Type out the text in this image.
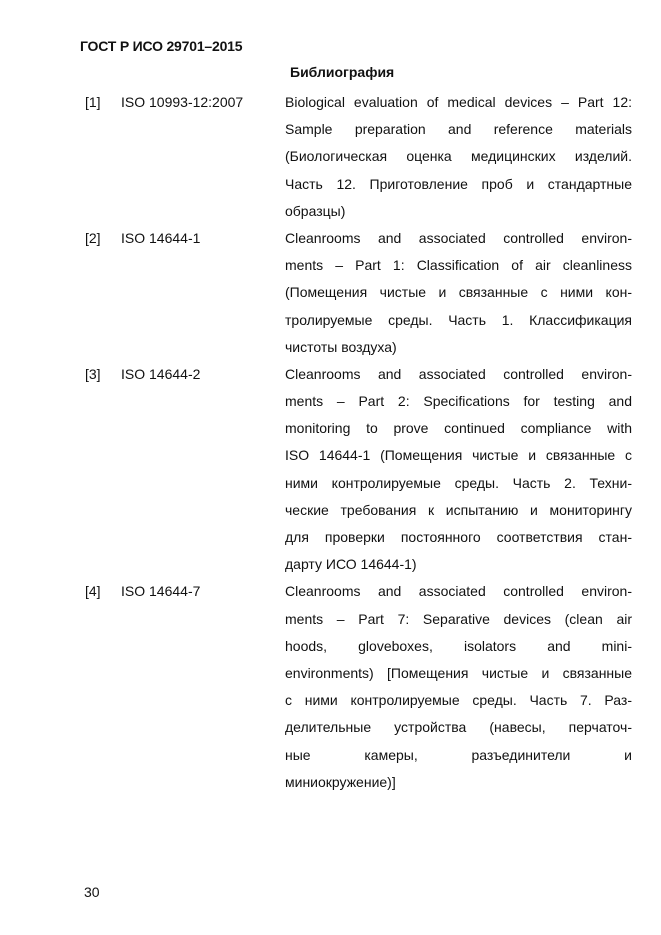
ГОСТ Р ИСО 29701–2015
Библиография
[1] ISO 10993-12:2007	Biological evaluation of medical devices – Part 12:
Sample preparation and reference materials
(Биологическая оценка медицинских изделий.
Часть 12. Приготовление проб и стандартные
образцы)
[2] ISO 14644-1	Cleanrooms and associated controlled environ-
ments – Part 1: Classification of air cleanliness
(Помещения чистые и связанные с ними кон-
тролируемые среды. Часть 1. Классификация
чистоты воздуха)
[3] ISO 14644-2	Cleanrooms and associated controlled environ-
ments – Part 2: Specifications for testing and
monitoring to prove continued compliance with
ISO 14644-1 (Помещения чистые и связанные с
ними контролируемые среды. Часть 2. Техни-
ческие требования к испытанию и мониторингу
для проверки постоянного соответствия стан-
дарту ИСО 14644-1)
[4] ISO 14644-7	Cleanrooms and associated controlled environ-
ments – Part 7: Separative devices (clean air
hoods, gloveboxes, isolators and mini-
environments) [Помещения чистые и связанные
с ними контролируемые среды. Часть 7. Раз-
делительные устройства (навесы, перчаточ-
ные камеры, разъединители и
миниокружение)]
30
